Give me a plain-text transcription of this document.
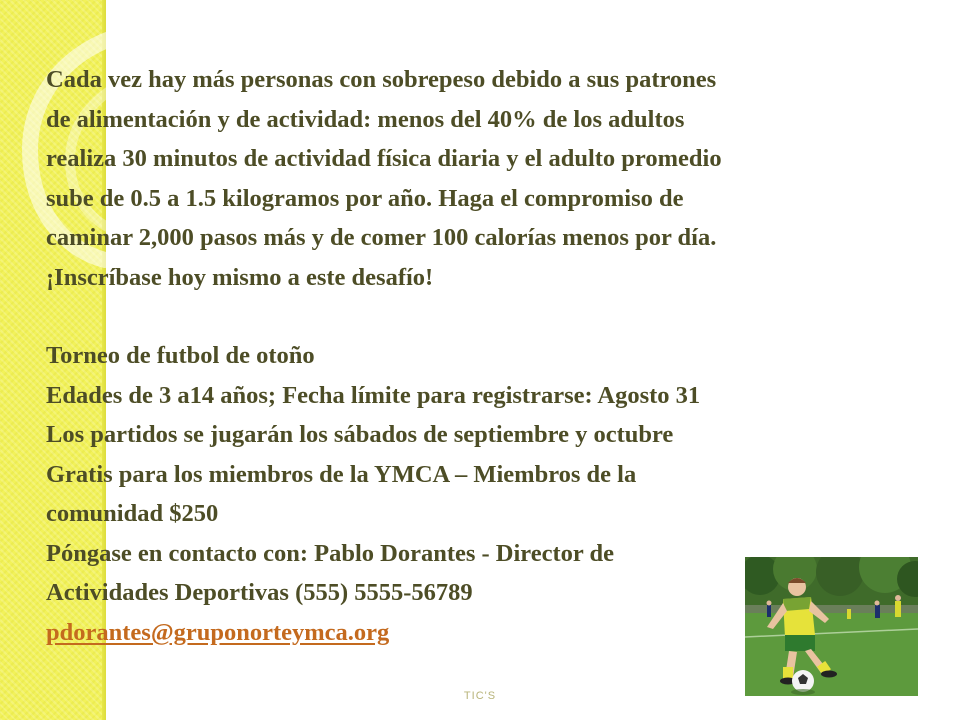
Cada vez hay más personas con sobrepeso debido a sus patrones

de alimentación y de actividad: menos del 40% de los adultos

realiza 30 minutos de actividad física diaria y el adulto promedio

sube de 0.5 a 1.5 kilogramos por año. Haga el compromiso de

caminar 2,000 pasos más y de comer 100 calorías menos por día.

¡Inscríbase hoy mismo a este desafío!

Torneo de futbol de otoño

Edades de 3 a14 años; Fecha límite para registrarse: Agosto 31

Los partidos se jugarán los sábados de septiembre y octubre

Gratis para los miembros de la YMCA – Miembros de la

comunidad $250

Póngase en contacto con: Pablo Dorantes - Director de

Actividades Deportivas (555) 5555-56789

pdorantes@gruponorteymca.org

TIC'S
